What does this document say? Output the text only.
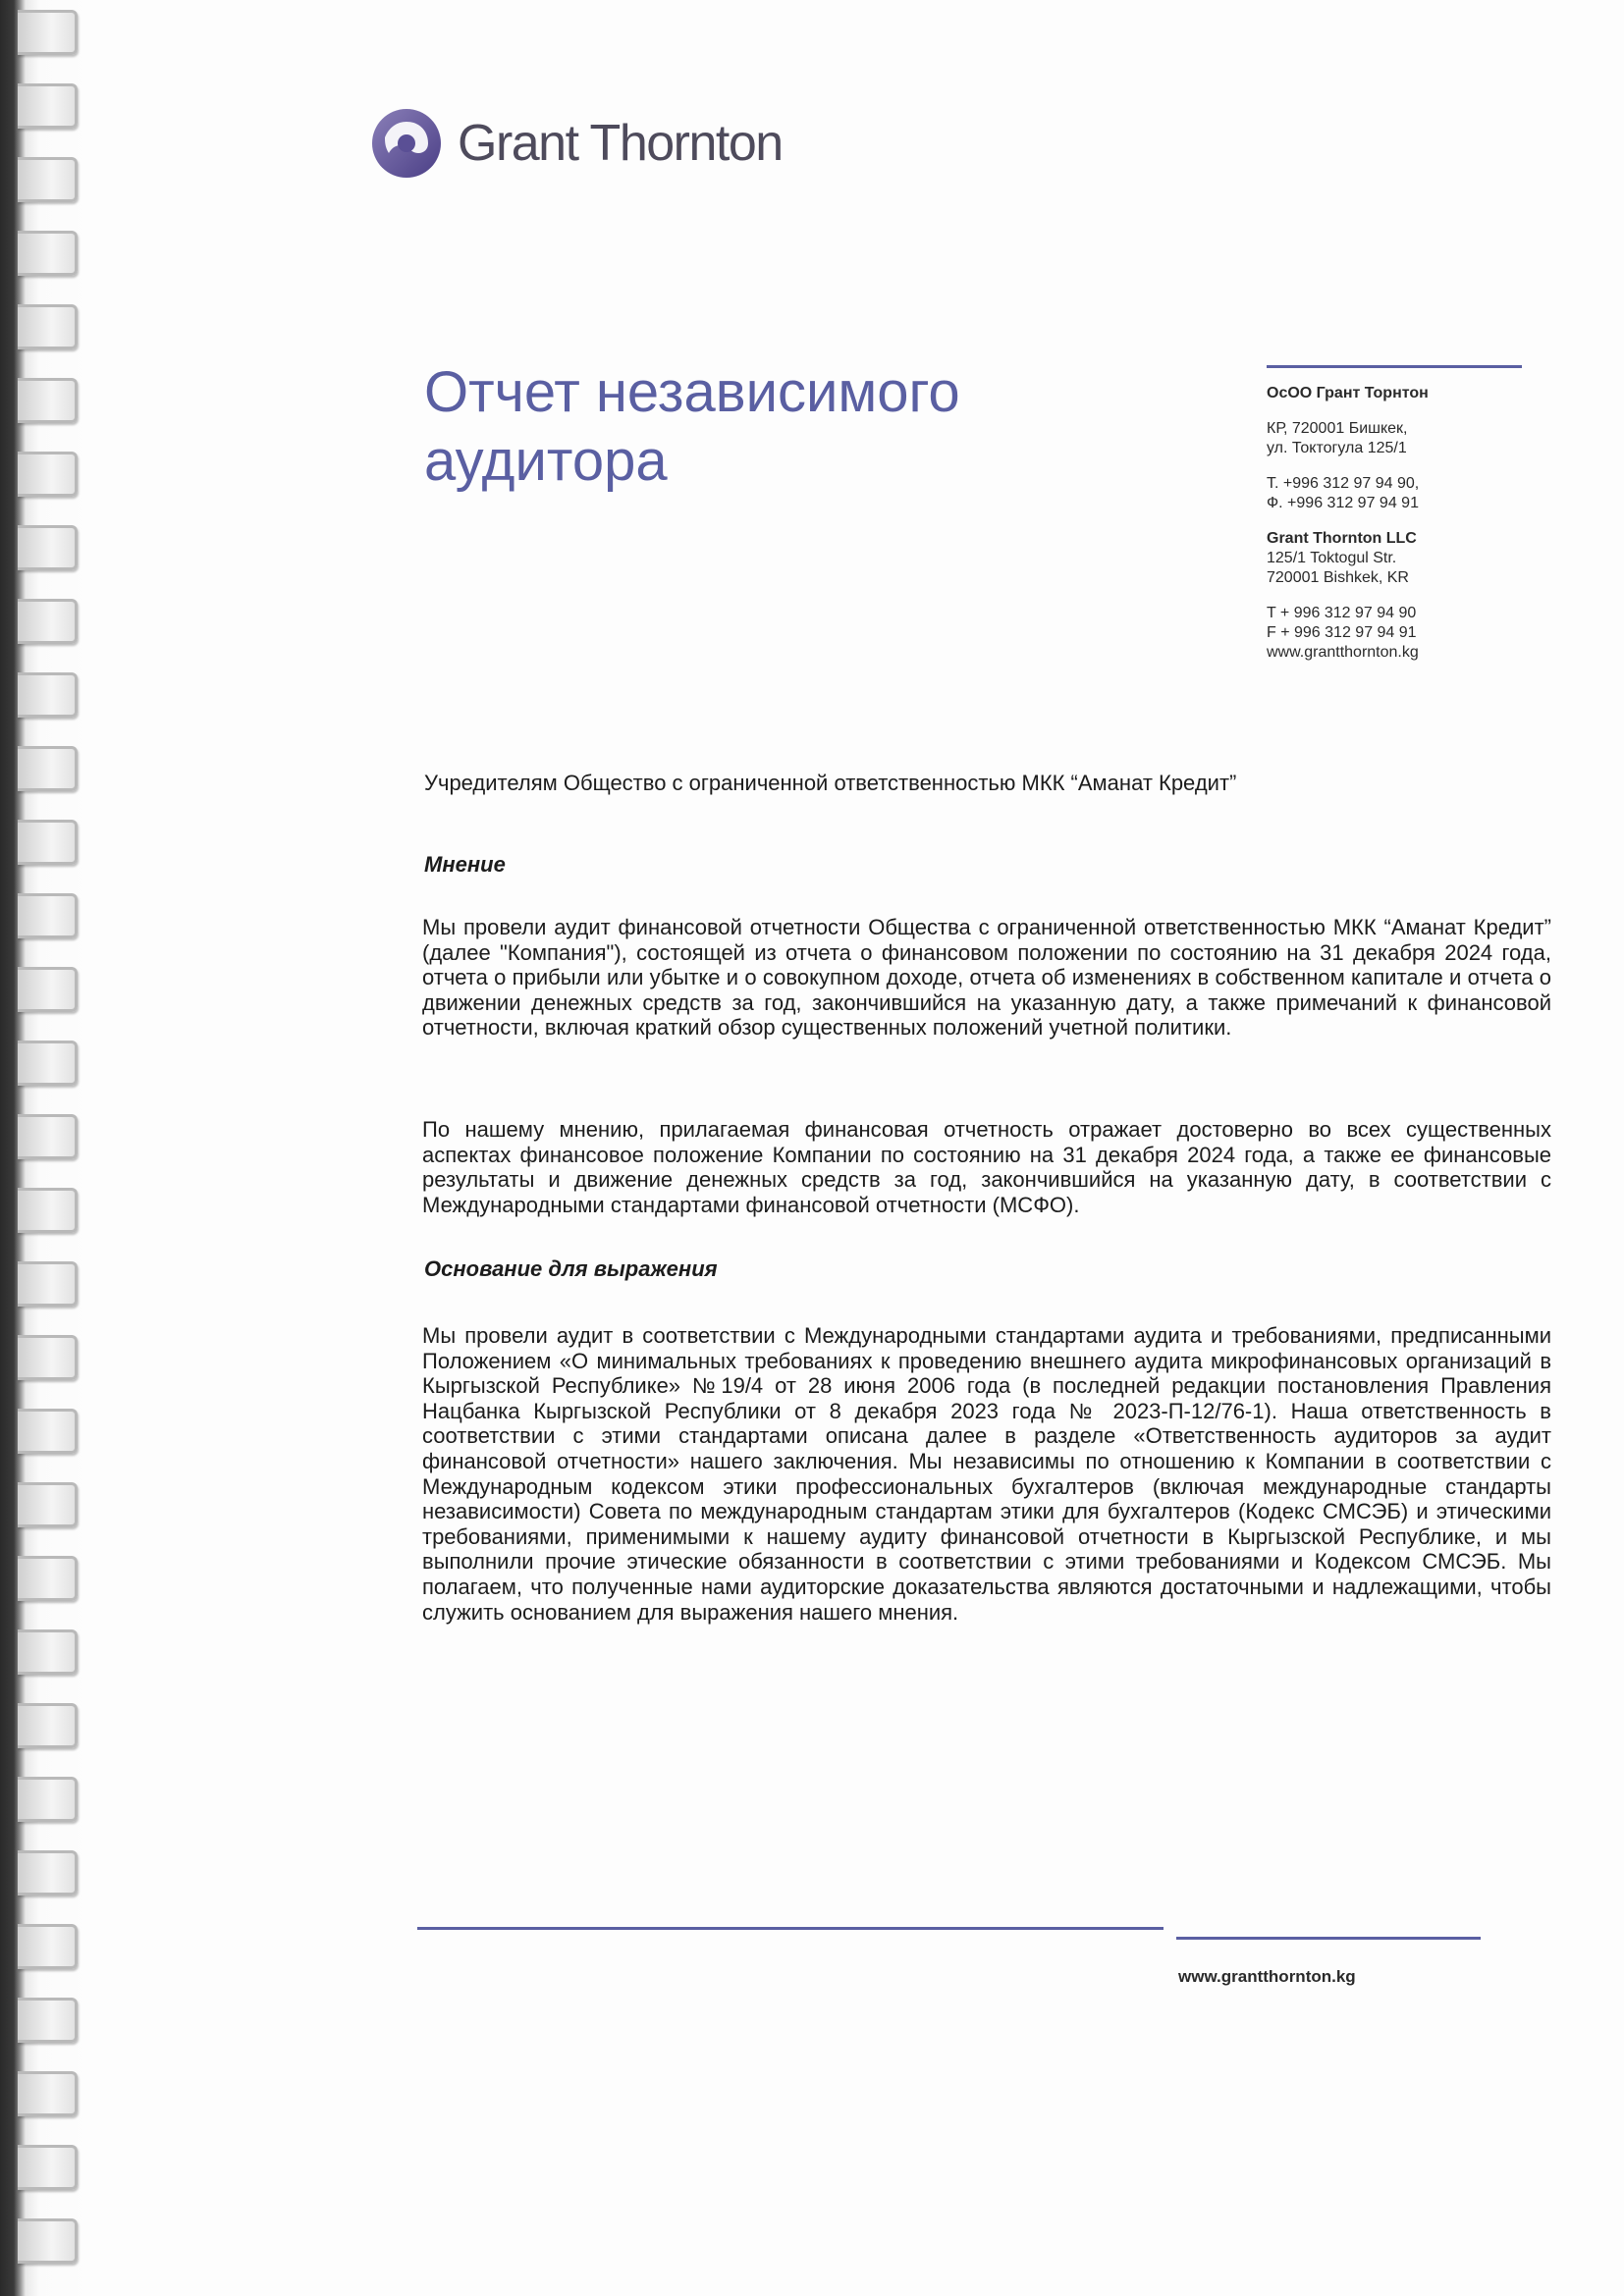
Grant Thornton
Отчет независимого
аудитора
ОсОО Грант Торнтон
КР, 720001 Бишкек,
ул. Токтогула 125/1
Т. +996 312 97 94 90,
Ф. +996 312 97 94 91
Grant Thornton LLC
125/1 Toktogul Str.
720001 Bishkek, KR
T + 996 312 97 94 90
F + 996 312 97 94 91
www.grantthornton.kg
Учредителям Общество с ограниченной ответственностью МКК “Аманат Кредит”
Мнение

Мы провели аудит финансовой отчетности Общества с ограниченной ответственностью МКК “Аманат Кредит” (далее "Компания"), состоящей из отчета о финансовом положении по состоянию на 31 декабря 2024 года, отчета о прибыли или убытке и о совокупном доходе, отчета об изменениях в собственном капитале и отчета о движении денежных средств за год, закончившийся на указанную дату, а также примечаний к финансовой отчетности, включая краткий обзор существенных положений учетной политики.

По нашему мнению, прилагаемая финансовая отчетность отражает достоверно во всех существенных аспектах финансовое положение Компании по состоянию на 31 декабря 2024 года, а также ее финансовые результаты и движение денежных средств за год, закончившийся на указанную дату, в соответствии с Международными стандартами финансовой отчетности (МСФО).

Основание для выражения

Мы провели аудит в соответствии с Международными стандартами аудита и требованиями, предписанными Положением «О минимальных требованиях к проведению внешнего аудита микрофинансовых организаций в Кыргызской Республике» №19/4 от 28 июня 2006 года (в последней редакции постановления Правления Нацбанка Кыргызской Республики от 8 декабря 2023 года № 2023-П-12/76-1). Наша ответственность в соответствии с этими стандартами описана далее в разделе «Ответственность аудиторов за аудит финансовой отчетности» нашего заключения. Мы независимы по отношению к Компании в соответствии с Международным кодексом этики профессиональных бухгалтеров (включая международные стандарты независимости) Совета по международным стандартам этики для бухгалтеров (Кодекс СМСЭБ) и этическими требованиями, применимыми к нашему аудиту финансовой отчетности в Кыргызской Республике, и мы выполнили прочие этические обязанности в соответствии с этими требованиями и Кодексом СМСЭБ. Мы полагаем, что полученные нами аудиторские доказательства являются достаточными и надлежащими, чтобы служить основанием для выражения нашего мнения.

www.grantthornton.kg
